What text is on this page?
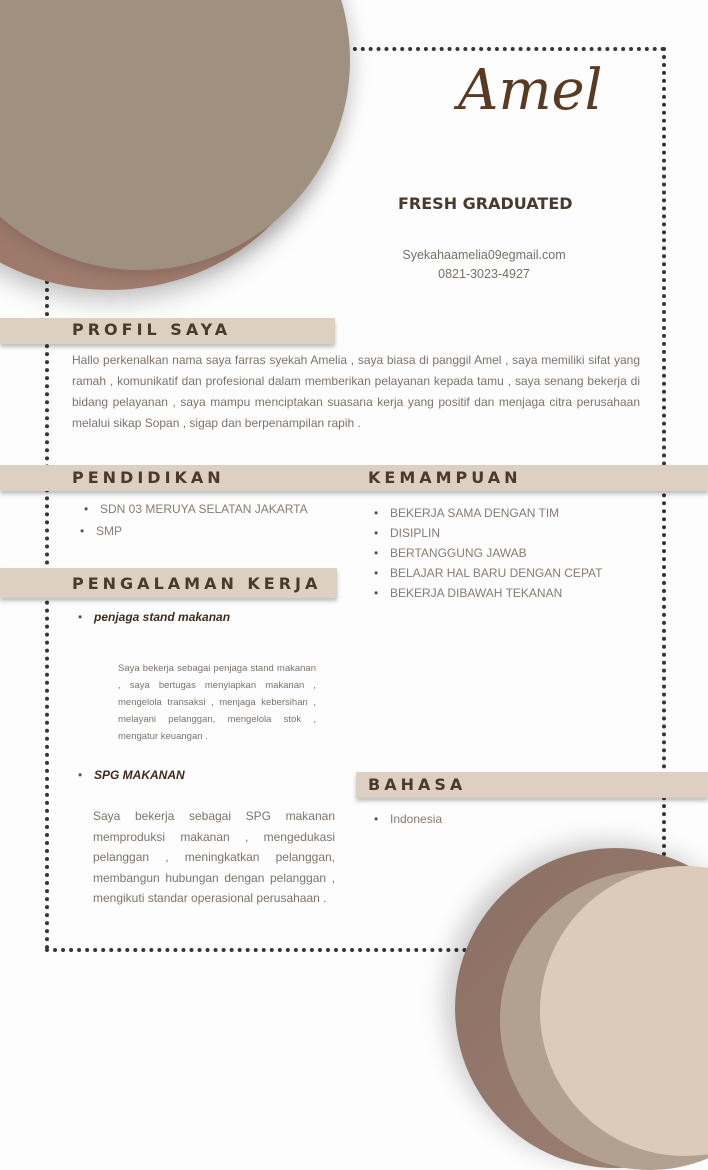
Amel
FRESH GRADUATED
Syekahaamelia09egmail.com
0821-3023-4927
PROFIL SAYA
Hallo perkenalkan nama saya farras syekah Amelia , saya biasa di panggil Amel , saya memiliki sifat yang ramah , komunikatif dan profesional dalam memberikan pelayanan kepada tamu , saya senang bekerja di bidang pelayanan , saya mampu menciptakan suasana kerja yang positif dan menjaga citra perusahaan melalui sikap Sopan , sigap dan berpenampilan rapih .
PENDIDIKAN	KEMAMPUAN
• SDN 03 MERUYA SELATAN JAKARTA
• SMP
• BEKERJA SAMA DENGAN TIM
• DISIPLIN
• BERTANGGUNG JAWAB
• BELAJAR HAL BARU DENGAN CEPAT
• BEKERJA DIBAWAH TEKANAN
PENGALAMAN KERJA
• penjaga stand makanan
Saya bekerja sebagai penjaga stand makanan , saya bertugas menyiapkan makanan , mengelola transaksi , menjaga kebersihan , melayani pelanggan, mengelola stok , mengatur keuangan .
• SPG MAKANAN
Saya bekerja sebagai SPG makanan memproduksi makanan , mengedukasi pelanggan , meningkatkan pelanggan, membangun hubungan dengan pelanggan , mengikuti standar operasional perusahaan .
BAHASA
• Indonesia
